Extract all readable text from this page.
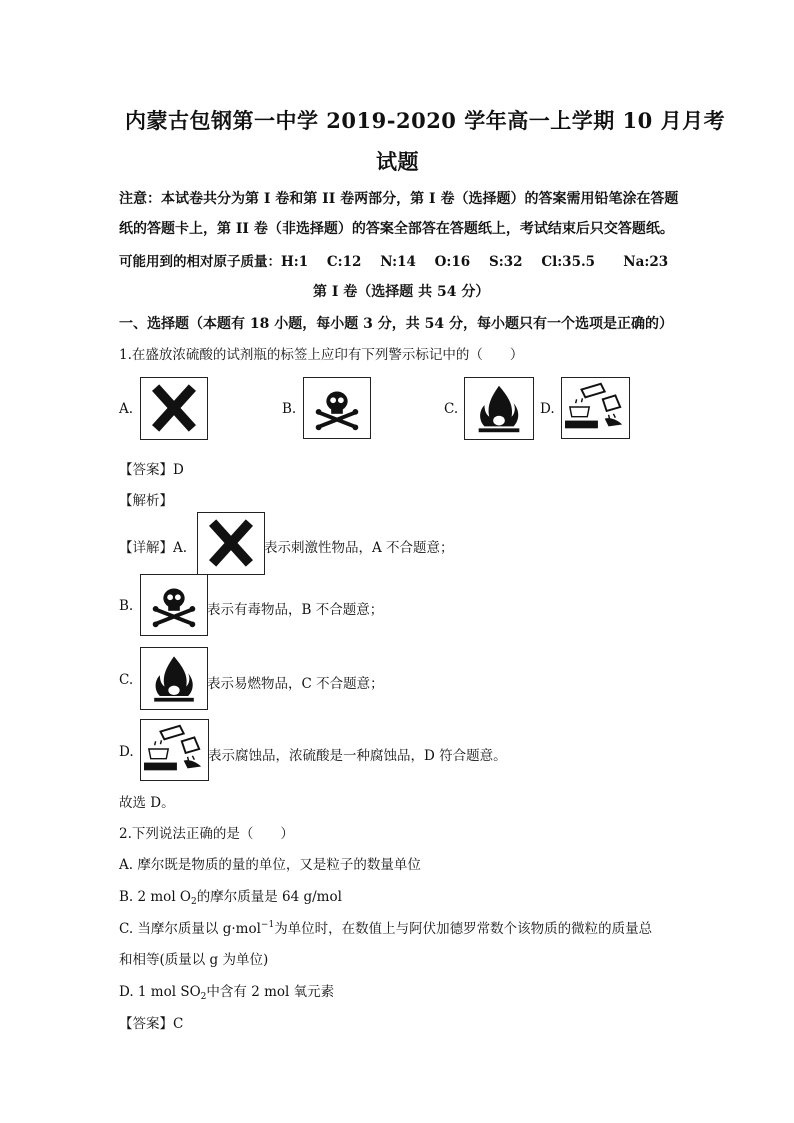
内蒙古包钢第一中学 2019-2020 学年高一上学期 10 月月考
试题
注意：本试卷共分为第 I 卷和第 II 卷两部分，第 I 卷（选择题）的答案需用铅笔涂在答题
纸的答题卡上，第 II 卷（非选择题）的答案全部答在答题纸上，考试结束后只交答题纸。
可能用到的相对原子质量：H:1    C:12    N:14    O:16    S:32    Cl:35.5      Na:23
第 I 卷（选择题 共 54 分）
一、选择题（本题有 18 小题，每小题 3 分，共 54 分，每小题只有一个选项是正确的）
1.在盛放浓硫酸的试剂瓶的标签上应印有下列警示标记中的（　　）
A.	B.	C.	D.
【答案】D
【解析】
【详解】A.	表示刺激性物品，A 不合题意；
B.	表示有毒物品，B 不合题意；
C.	表示易燃物品，C 不合题意；
D.	表示腐蚀品，浓硫酸是一种腐蚀品，D 符合题意。
故选 D。
2.下列说法正确的是（　　）
A. 摩尔既是物质的量的单位，又是粒子的数量单位
B. 2 mol $O_2$的摩尔质量是 64 g/mol
C. 当摩尔质量以 g·mol$^{-1}$为单位时，在数值上与阿伏加德罗常数个该物质的微粒的质量总
和相等(质量以 g 为单位)
D. 1 mol $SO_2$中含有 2 mol 氧元素
【答案】C
